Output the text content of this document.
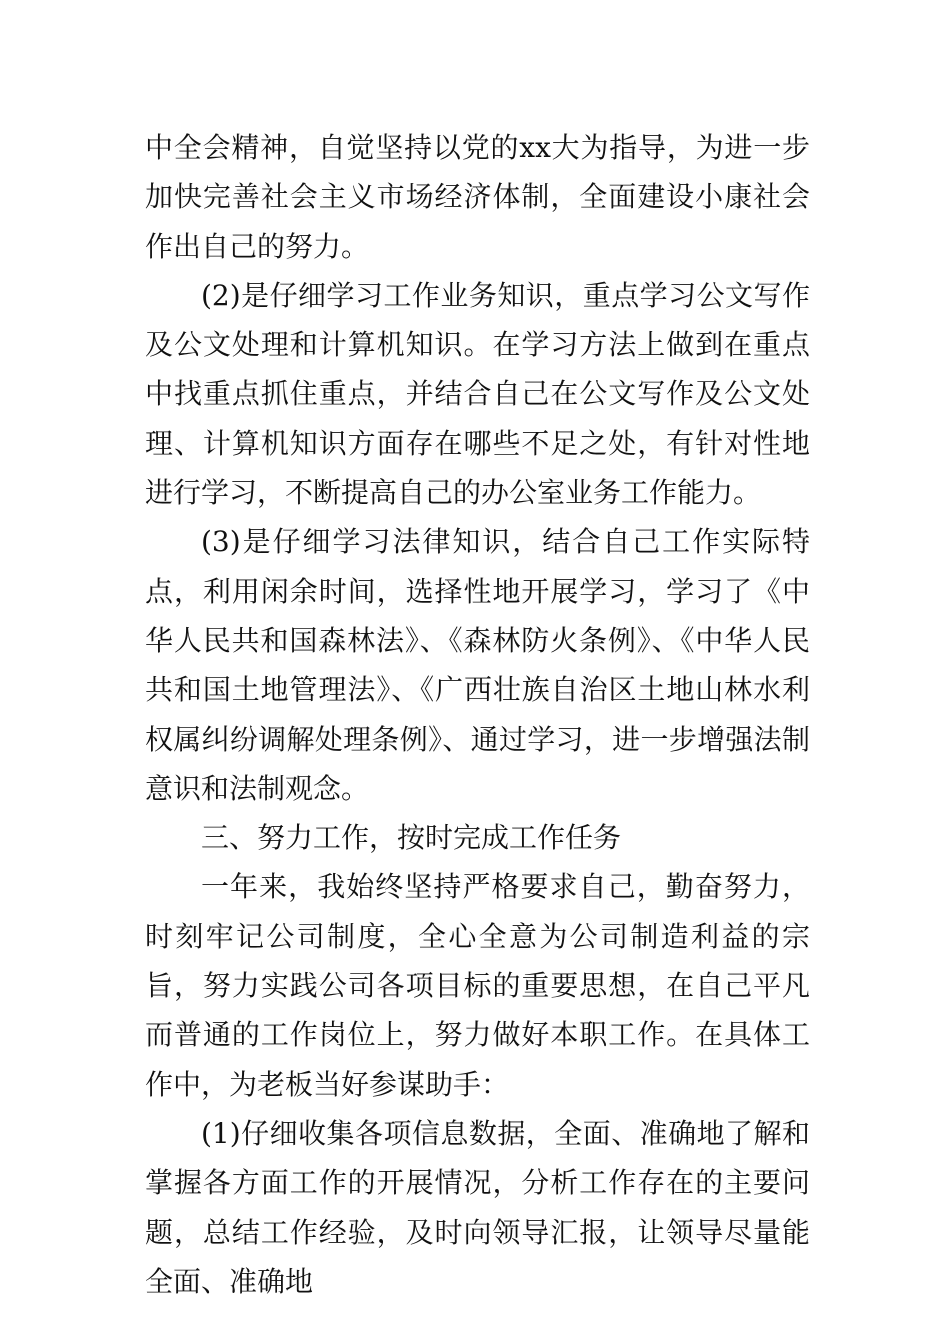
中全会精神，自觉坚持以党的xx大为指导，为进一步加快完善社会主义市场经济体制，全面建设小康社会作出自己的努力。

(2)是仔细学习工作业务知识，重点学习公文写作及公文处理和计算机知识。在学习方法上做到在重点中找重点抓住重点，并结合自己在公文写作及公文处理、计算机知识方面存在哪些不足之处，有针对性地进行学习，不断提高自己的办公室业务工作能力。

(3)是仔细学习法律知识，结合自己工作实际特点，利用闲余时间，选择性地开展学习，学习了《中华人民共和国森林法》、《森林防火条例》、《中华人民共和国土地管理法》、《广西壮族自治区土地山林水利权属纠纷调解处理条例》、通过学习，进一步增强法制意识和法制观念。

三、努力工作，按时完成工作任务

一年来，我始终坚持严格要求自己，勤奋努力，时刻牢记公司制度，全心全意为公司制造利益的宗旨，努力实践公司各项目标的重要思想，在自己平凡而普通的工作岗位上，努力做好本职工作。在具体工作中，为老板当好参谋助手：

(1)仔细收集各项信息数据，全面、准确地了解和掌握各方面工作的开展情况，分析工作存在的主要问题，总结工作经验，及时向领导汇报，让领导尽量能全面、准确地
